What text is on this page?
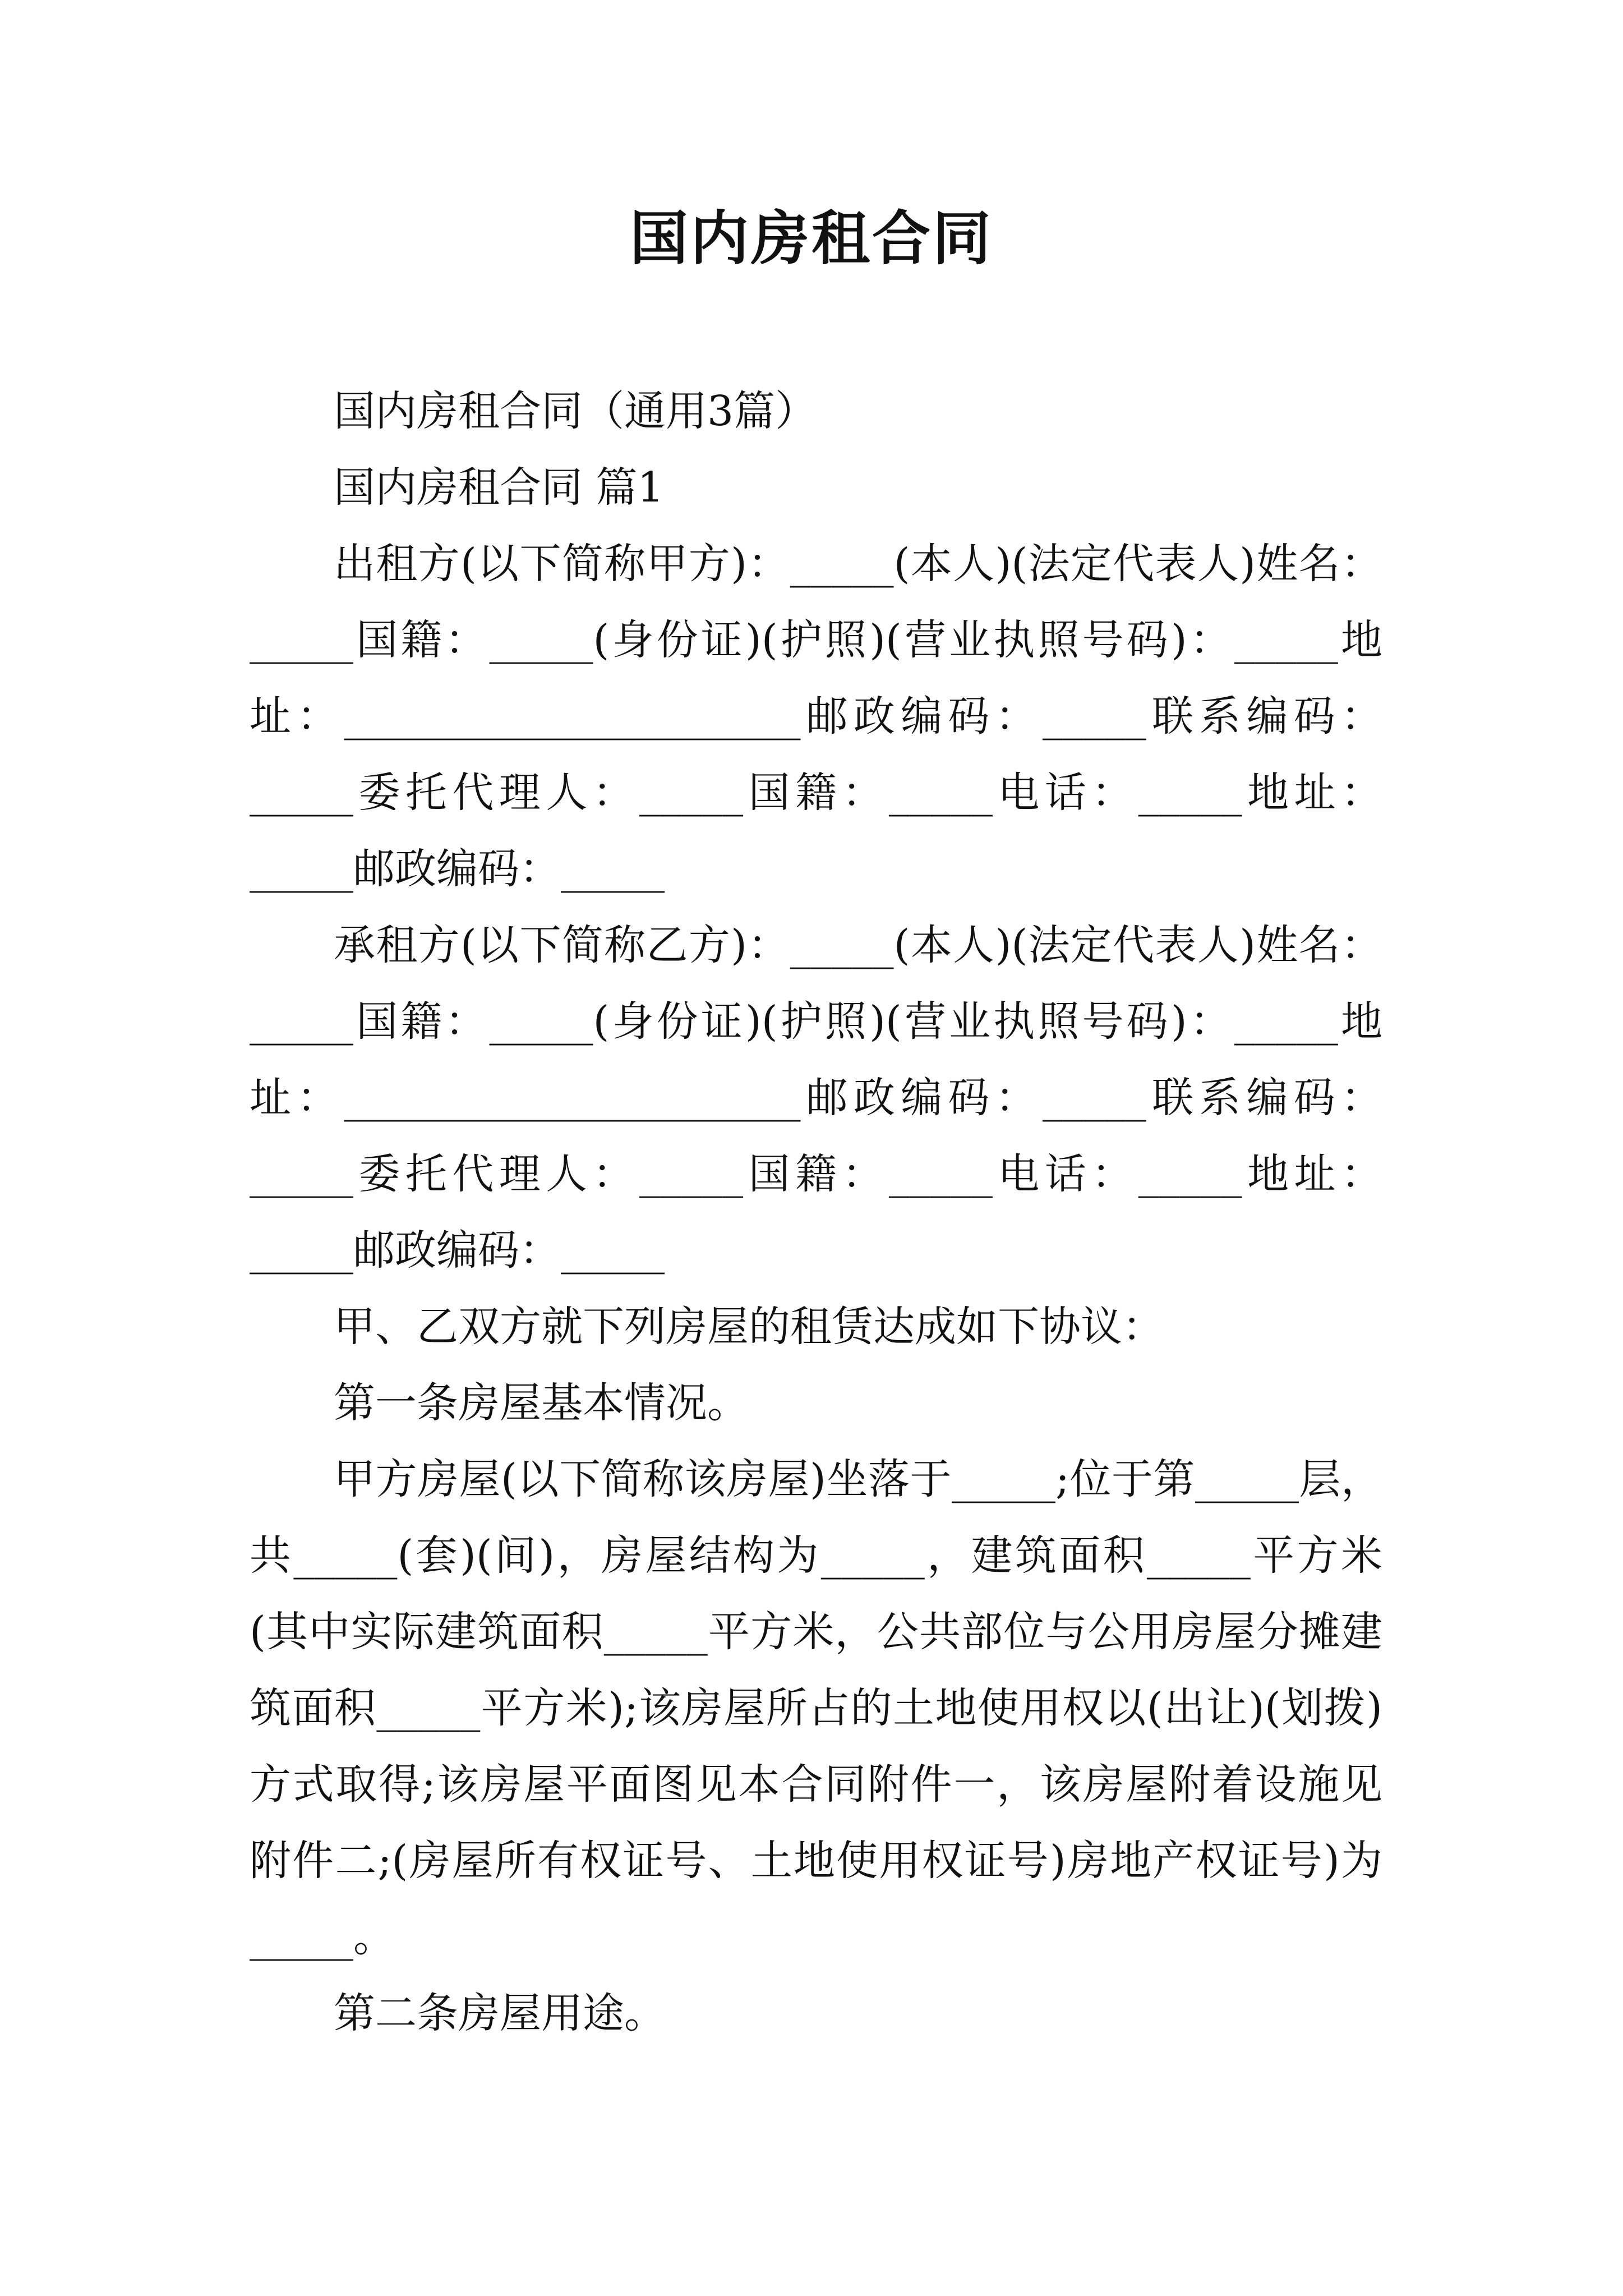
国内房租合同

国内房租合同（通用3篇）

国内房租合同 篇1

出租方(以下简称甲方)：_____(本人)(法定代表人)姓名：_____国籍：_____(身份证)(护照)(营业执照号码)：_____地址：______________________邮政编码：_____联系编码：_____委托代理人：_____国籍：_____电话：_____地址：_____邮政编码：_____

承租方(以下简称乙方)：_____(本人)(法定代表人)姓名：_____国籍：_____(身份证)(护照)(营业执照号码)：_____地址：______________________邮政编码：_____联系编码：_____委托代理人：_____国籍：_____电话：_____地址：_____邮政编码：_____

甲、乙双方就下列房屋的租赁达成如下协议：

第一条房屋基本情况。

甲方房屋(以下简称该房屋)坐落于_____;位于第_____层，共_____(套)(间)，房屋结构为_____，建筑面积_____平方米(其中实际建筑面积_____平方米，公共部位与公用房屋分摊建筑面积_____平方米);该房屋所占的土地使用权以(出让)(划拨)方式取得;该房屋平面图见本合同附件一，该房屋附着设施见附件二;(房屋所有权证号、土地使用权证号)房地产权证号)为_____。

第二条房屋用途。
